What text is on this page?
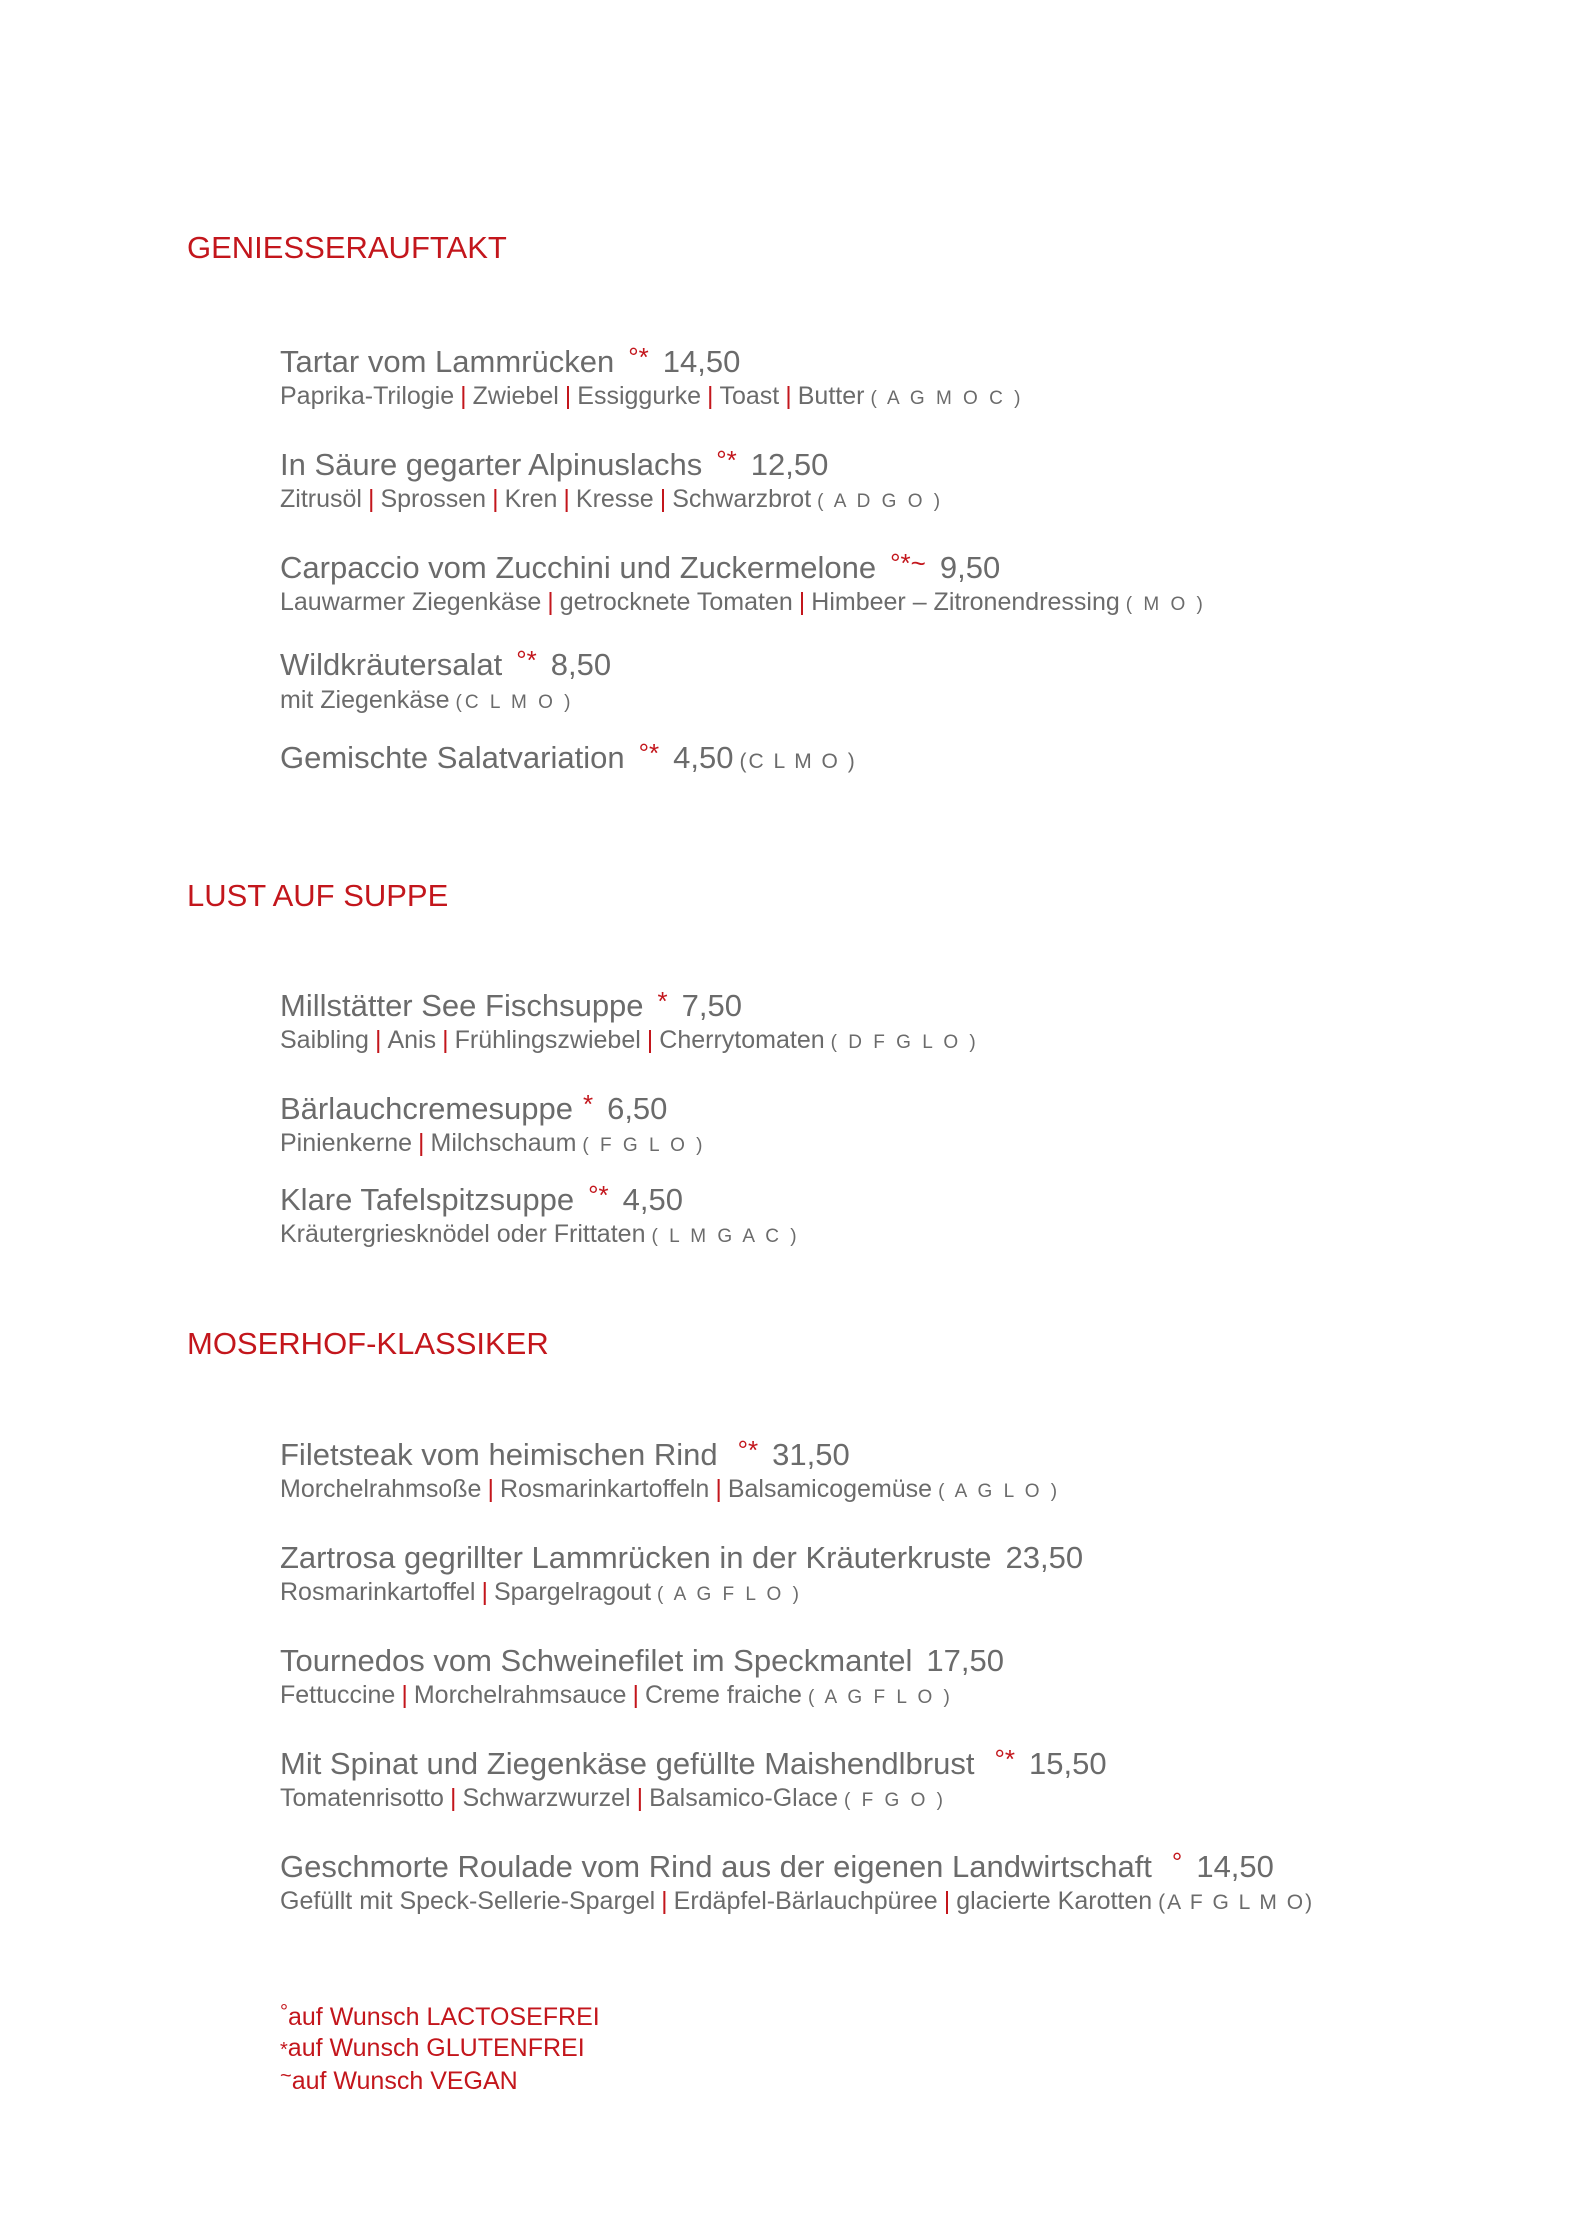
GENIESSERAUFTAKT
LUST AUF SUPPE
MOSERHOF-KLASSIKER
Tartar vom Lammrücken °* 14,50
Paprika-Trilogie | Zwiebel | Essiggurke | Toast | Butter ( A G M O C )
In Säure gegarter Alpinuslachs °* 12,50
Zitrusöl | Sprossen | Kren | Kresse | Schwarzbrot ( A D G O )
Carpaccio vom Zucchini und Zuckermelone °*~ 9,50
Lauwarmer Ziegenkäse | getrocknete Tomaten | Himbeer – Zitronendressing ( M O )
Wildkräutersalat °* 8,50
mit Ziegenkäse (C L M O )
Gemischte Salatvariation °* 4,50 (C L M O )
Millstätter See Fischsuppe * 7,50
Saibling | Anis | Frühlingszwiebel | Cherrytomaten ( D F G L O )
Bärlauchcremesuppe * 6,50
Pinienkerne | Milchschaum ( F G L O )
Klare Tafelspitzsuppe °* 4,50
Kräutergriesknödel oder Frittaten ( L M G A C )
Filetsteak vom heimischen Rind °* 31,50
Morchelrahmsoße | Rosmarinkartoffeln | Balsamicogemüse ( A G L O )
Zartrosa gegrillter Lammrücken in der Kräuterkruste 23,50
Rosmarinkartoffel | Spargelragout ( A G F L O )
Tournedos vom Schweinefilet im Speckmantel 17,50
Fettuccine | Morchelrahmsauce | Creme fraiche ( A G F L O )
Mit Spinat und Ziegenkäse gefüllte Maishendlbrust °* 15,50
Tomatenrisotto | Schwarzwurzel | Balsamico-Glace ( F G O )
Geschmorte Roulade vom Rind aus der eigenen Landwirtschaft ° 14,50
Gefüllt mit Speck-Sellerie-Spargel | Erdäpfel-Bärlauchpüree | glacierte Karotten (A F G L M O)
°auf Wunsch LACTOSEFREI
*auf Wunsch GLUTENFREI
~auf Wunsch VEGAN
